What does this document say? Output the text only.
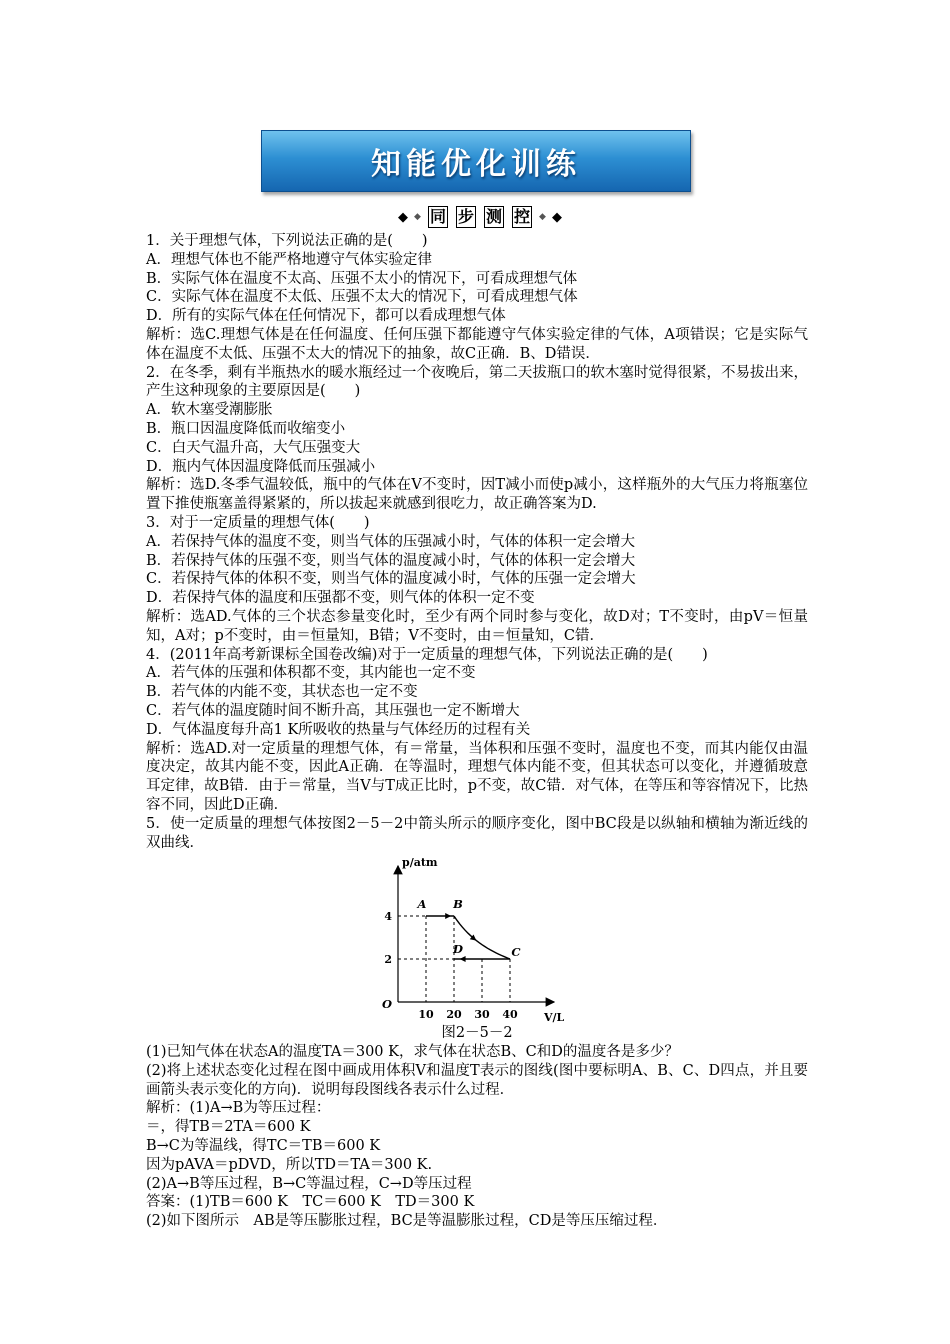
知能优化训练
◆ ◆ 同 步 测 控 ◆ ◆

1．关于理想气体，下列说法正确的是(　　)

A．理想气体也不能严格地遵守气体实验定律

B．实际气体在温度不太高、压强不太小的情况下，可看成理想气体

C．实际气体在温度不太低、压强不太大的情况下，可看成理想气体

D．所有的实际气体在任何情况下，都可以看成理想气体

解析：选C.理想气体是在任何温度、任何压强下都能遵守气体实验定律的气体，A项错误；它是实际气体在温度不太低、压强不太大的情况下的抽象，故C正确．B、D错误．

2．在冬季，剩有半瓶热水的暖水瓶经过一个夜晚后，第二天拔瓶口的软木塞时觉得很紧，不易拔出来，产生这种现象的主要原因是(　　)

A．软木塞受潮膨胀

B．瓶口因温度降低而收缩变小

C．白天气温升高，大气压强变大

D．瓶内气体因温度降低而压强减小

解析：选D.冬季气温较低，瓶中的气体在V不变时，因T减小而使p减小，这样瓶外的大气压力将瓶塞位置下推使瓶塞盖得紧紧的，所以拔起来就感到很吃力，故正确答案为D.

3．对于一定质量的理想气体(　　)

A．若保持气体的温度不变，则当气体的压强减小时，气体的体积一定会增大

B．若保持气体的压强不变，则当气体的温度减小时，气体的体积一定会增大

C．若保持气体的体积不变，则当气体的温度减小时，气体的压强一定会增大

D．若保持气体的温度和压强都不变，则气体的体积一定不变

解析：选AD.气体的三个状态参量变化时，至少有两个同时参与变化，故D对；T不变时，由pV＝恒量知，A对；p不变时，由＝恒量知，B错；V不变时，由＝恒量知，C错．

4．(2011年高考新课标全国卷改编)对于一定质量的理想气体，下列说法正确的是(　　)

A．若气体的压强和体积都不变，其内能也一定不变

B．若气体的内能不变，其状态也一定不变

C．若气体的温度随时间不断升高，其压强也一定不断增大

D．气体温度每升高1 K所吸收的热量与气体经历的过程有关

解析：选AD.对一定质量的理想气体，有＝常量，当体积和压强不变时，温度也不变，而其内能仅由温度决定，故其内能不变，因此A正确．在等温时，理想气体内能不变，但其状态可以变化，并遵循玻意耳定律，故B错．由于＝常量，当V与T成正比时，p不变，故C错．对气体，在等压和等容情况下，比热容不同，因此D正确．

5．使一定质量的理想气体按图2－5－2中箭头所示的顺序变化，图中BC段是以纵轴和横轴为渐近线的双曲线．

p/atm
V/L
O
10 20 30 40
2
4
A B
C
D

图2－5－2

(1)已知气体在状态A的温度TA＝300 K，求气体在状态B、C和D的温度各是多少？

(2)将上述状态变化过程在图中画成用体积V和温度T表示的图线(图中要标明A、B、C、D四点，并且要画箭头表示变化的方向)．说明每段图线各表示什么过程．

解析：(1)A→B为等压过程：

＝，得TB＝2TA＝600 K

B→C为等温线，得TC＝TB＝600 K

因为pAVA＝pDVD，所以TD＝TA＝300 K.

(2)A→B等压过程，B→C等温过程，C→D等压过程

答案：(1)TB＝600 K　TC＝600 K　TD＝300 K

(2)如下图所示　AB是等压膨胀过程，BC是等温膨胀过程，CD是等压压缩过程．
